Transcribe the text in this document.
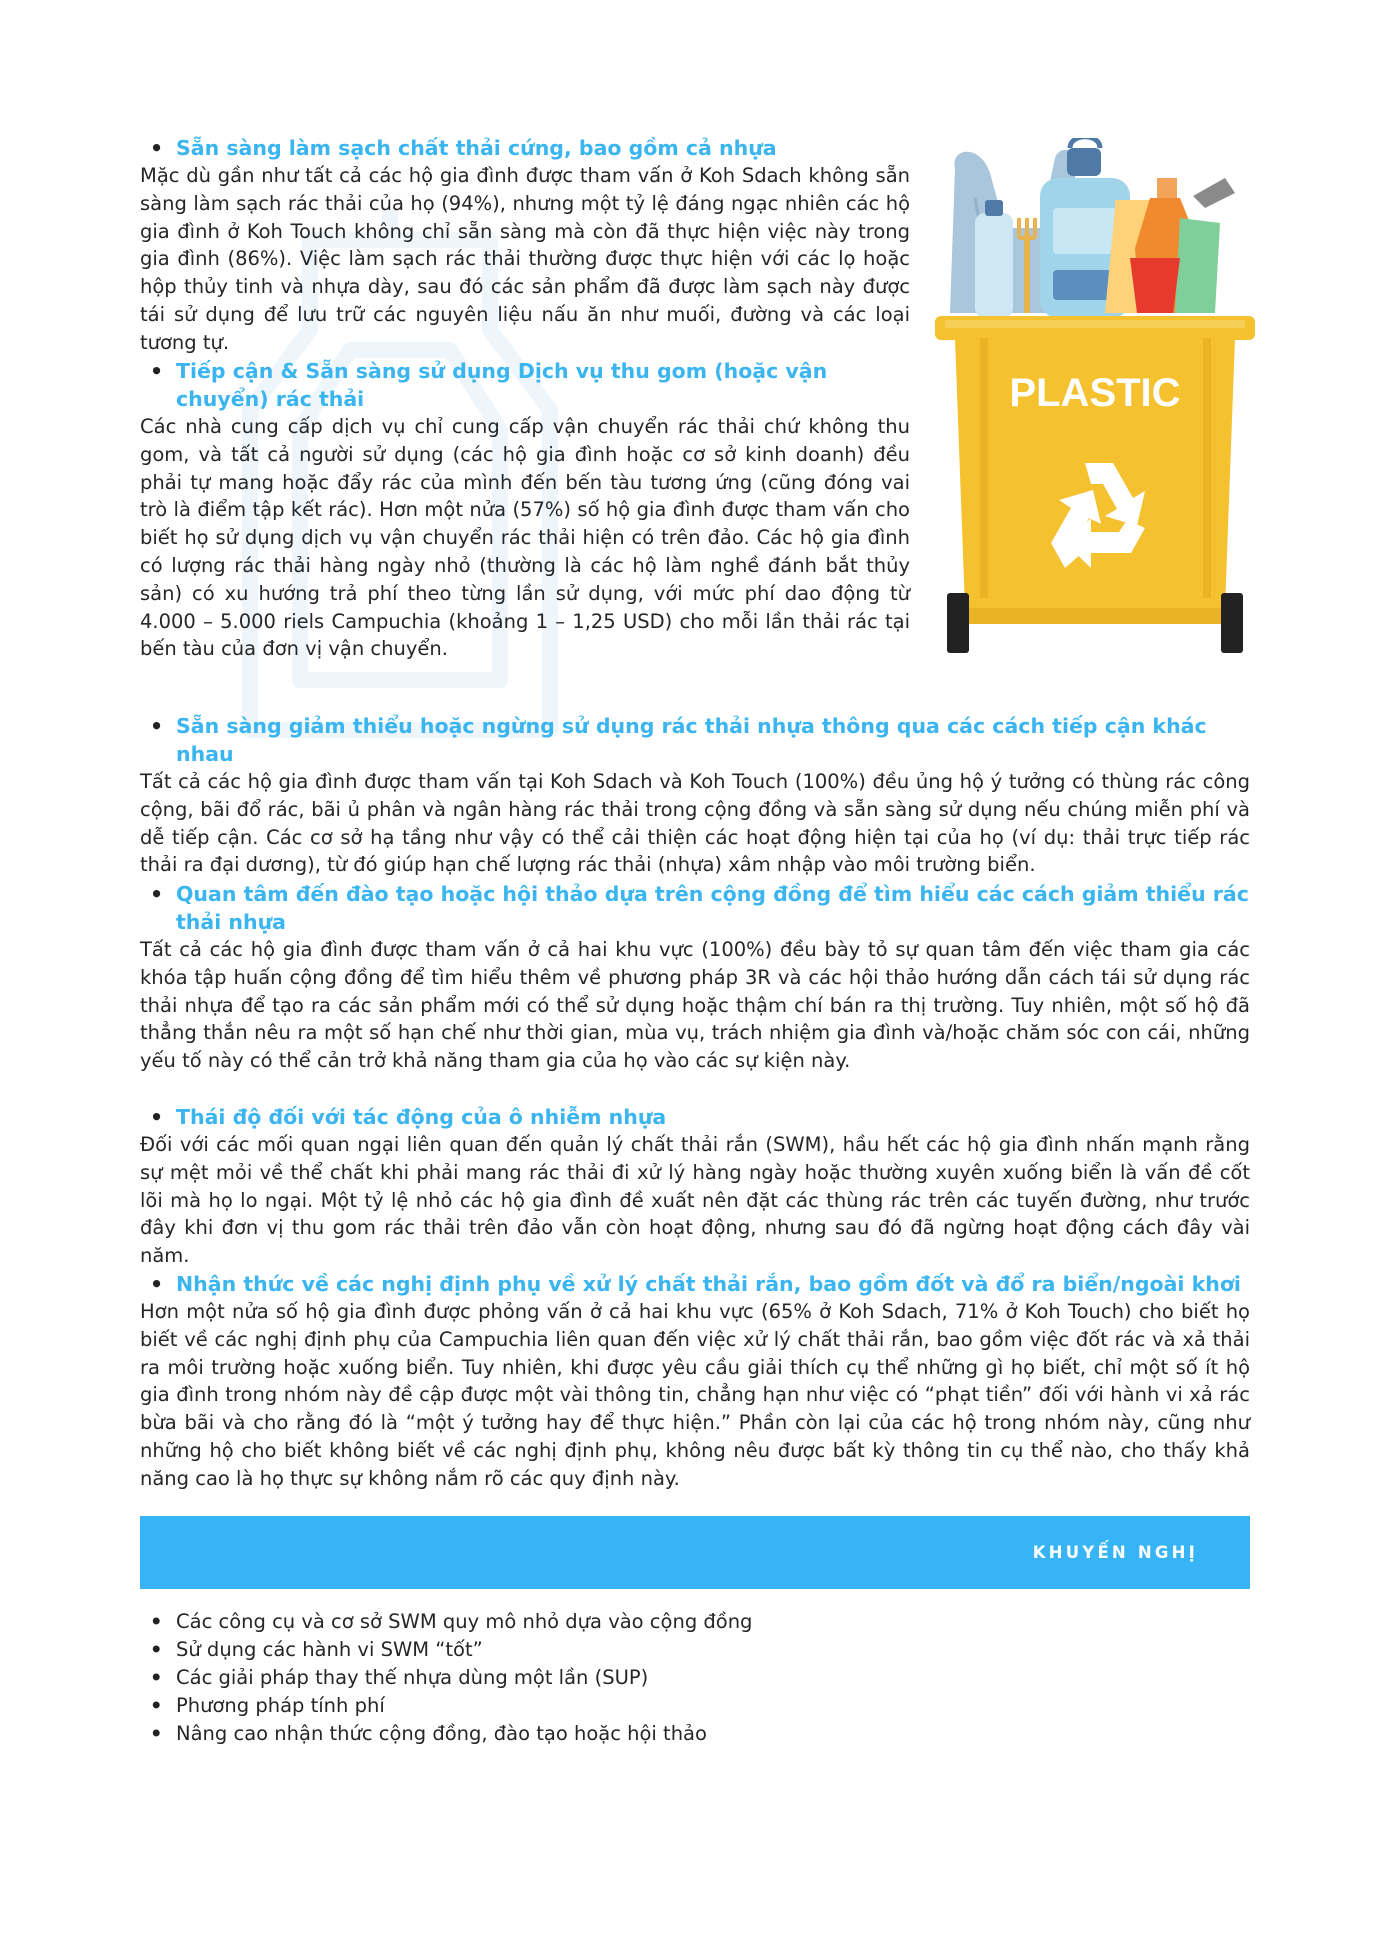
• Sẵn sàng làm sạch chất thải cứng, bao gồm cả nhựa
Mặc dù gần như tất cả các hộ gia đình được tham vấn ở Koh Sdach không sẵn sàng làm sạch rác thải của họ (94%), nhưng một tỷ lệ đáng ngạc nhiên các hộ gia đình ở Koh Touch không chỉ sẵn sàng mà còn đã thực hiện việc này trong gia đình (86%). Việc làm sạch rác thải thường được thực hiện với các lọ hoặc hộp thủy tinh và nhựa dày, sau đó các sản phẩm đã được làm sạch này được tái sử dụng để lưu trữ các nguyên liệu nấu ăn như muối, đường và các loại tương tự.
• Tiếp cận & Sẵn sàng sử dụng Dịch vụ thu gom (hoặc vận chuyển) rác thải
Các nhà cung cấp dịch vụ chỉ cung cấp vận chuyển rác thải chứ không thu gom, và tất cả người sử dụng (các hộ gia đình hoặc cơ sở kinh doanh) đều phải tự mang hoặc đẩy rác của mình đến bến tàu tương ứng (cũng đóng vai trò là điểm tập kết rác). Hơn một nửa (57%) số hộ gia đình được tham vấn cho biết họ sử dụng dịch vụ vận chuyển rác thải hiện có trên đảo. Các hộ gia đình có lượng rác thải hàng ngày nhỏ (thường là các hộ làm nghề đánh bắt thủy sản) có xu hướng trả phí theo từng lần sử dụng, với mức phí dao động từ 4.000 – 5.000 riels Campuchia (khoảng 1 – 1,25 USD) cho mỗi lần thải rác tại bến tàu của đơn vị vận chuyển.
• Sẵn sàng giảm thiểu hoặc ngừng sử dụng rác thải nhựa thông qua các cách tiếp cận khác nhau
Tất cả các hộ gia đình được tham vấn tại Koh Sdach và Koh Touch (100%) đều ủng hộ ý tưởng có thùng rác công cộng, bãi đổ rác, bãi ủ phân và ngân hàng rác thải trong cộng đồng và sẵn sàng sử dụng nếu chúng miễn phí và dễ tiếp cận. Các cơ sở hạ tầng như vậy có thể cải thiện các hoạt động hiện tại của họ (ví dụ: thải trực tiếp rác thải ra đại dương), từ đó giúp hạn chế lượng rác thải (nhựa) xâm nhập vào môi trường biển.
• Quan tâm đến đào tạo hoặc hội thảo dựa trên cộng đồng để tìm hiểu các cách giảm thiểu rác thải nhựa
Tất cả các hộ gia đình được tham vấn ở cả hai khu vực (100%) đều bày tỏ sự quan tâm đến việc tham gia các khóa tập huấn cộng đồng để tìm hiểu thêm về phương pháp 3R và các hội thảo hướng dẫn cách tái sử dụng rác thải nhựa để tạo ra các sản phẩm mới có thể sử dụng hoặc thậm chí bán ra thị trường. Tuy nhiên, một số hộ đã thẳng thắn nêu ra một số hạn chế như thời gian, mùa vụ, trách nhiệm gia đình và/hoặc chăm sóc con cái, những yếu tố này có thể cản trở khả năng tham gia của họ vào các sự kiện này.
• Thái độ đối với tác động của ô nhiễm nhựa
Đối với các mối quan ngại liên quan đến quản lý chất thải rắn (SWM), hầu hết các hộ gia đình nhấn mạnh rằng sự mệt mỏi về thể chất khi phải mang rác thải đi xử lý hàng ngày hoặc thường xuyên xuống biển là vấn đề cốt lõi mà họ lo ngại. Một tỷ lệ nhỏ các hộ gia đình đề xuất nên đặt các thùng rác trên các tuyến đường, như trước đây khi đơn vị thu gom rác thải trên đảo vẫn còn hoạt động, nhưng sau đó đã ngừng hoạt động cách đây vài năm.
• Nhận thức về các nghị định phụ về xử lý chất thải rắn, bao gồm đốt và đổ ra biển/ngoài khơi
Hơn một nửa số hộ gia đình được phỏng vấn ở cả hai khu vực (65% ở Koh Sdach, 71% ở Koh Touch) cho biết họ biết về các nghị định phụ của Campuchia liên quan đến việc xử lý chất thải rắn, bao gồm việc đốt rác và xả thải ra môi trường hoặc xuống biển. Tuy nhiên, khi được yêu cầu giải thích cụ thể những gì họ biết, chỉ một số ít hộ gia đình trong nhóm này đề cập được một vài thông tin, chẳng hạn như việc có “phạt tiền” đối với hành vi xả rác bừa bãi và cho rằng đó là “một ý tưởng hay để thực hiện.” Phần còn lại của các hộ trong nhóm này, cũng như những hộ cho biết không biết về các nghị định phụ, không nêu được bất kỳ thông tin cụ thể nào, cho thấy khả năng cao là họ thực sự không nắm rõ các quy định này.
PLASTIC
KHUYẾN NGHỊ
• Các công cụ và cơ sở SWM quy mô nhỏ dựa vào cộng đồng
• Sử dụng các hành vi SWM “tốt”
• Các giải pháp thay thế nhựa dùng một lần (SUP)
• Phương pháp tính phí
• Nâng cao nhận thức cộng đồng, đào tạo hoặc hội thảo
